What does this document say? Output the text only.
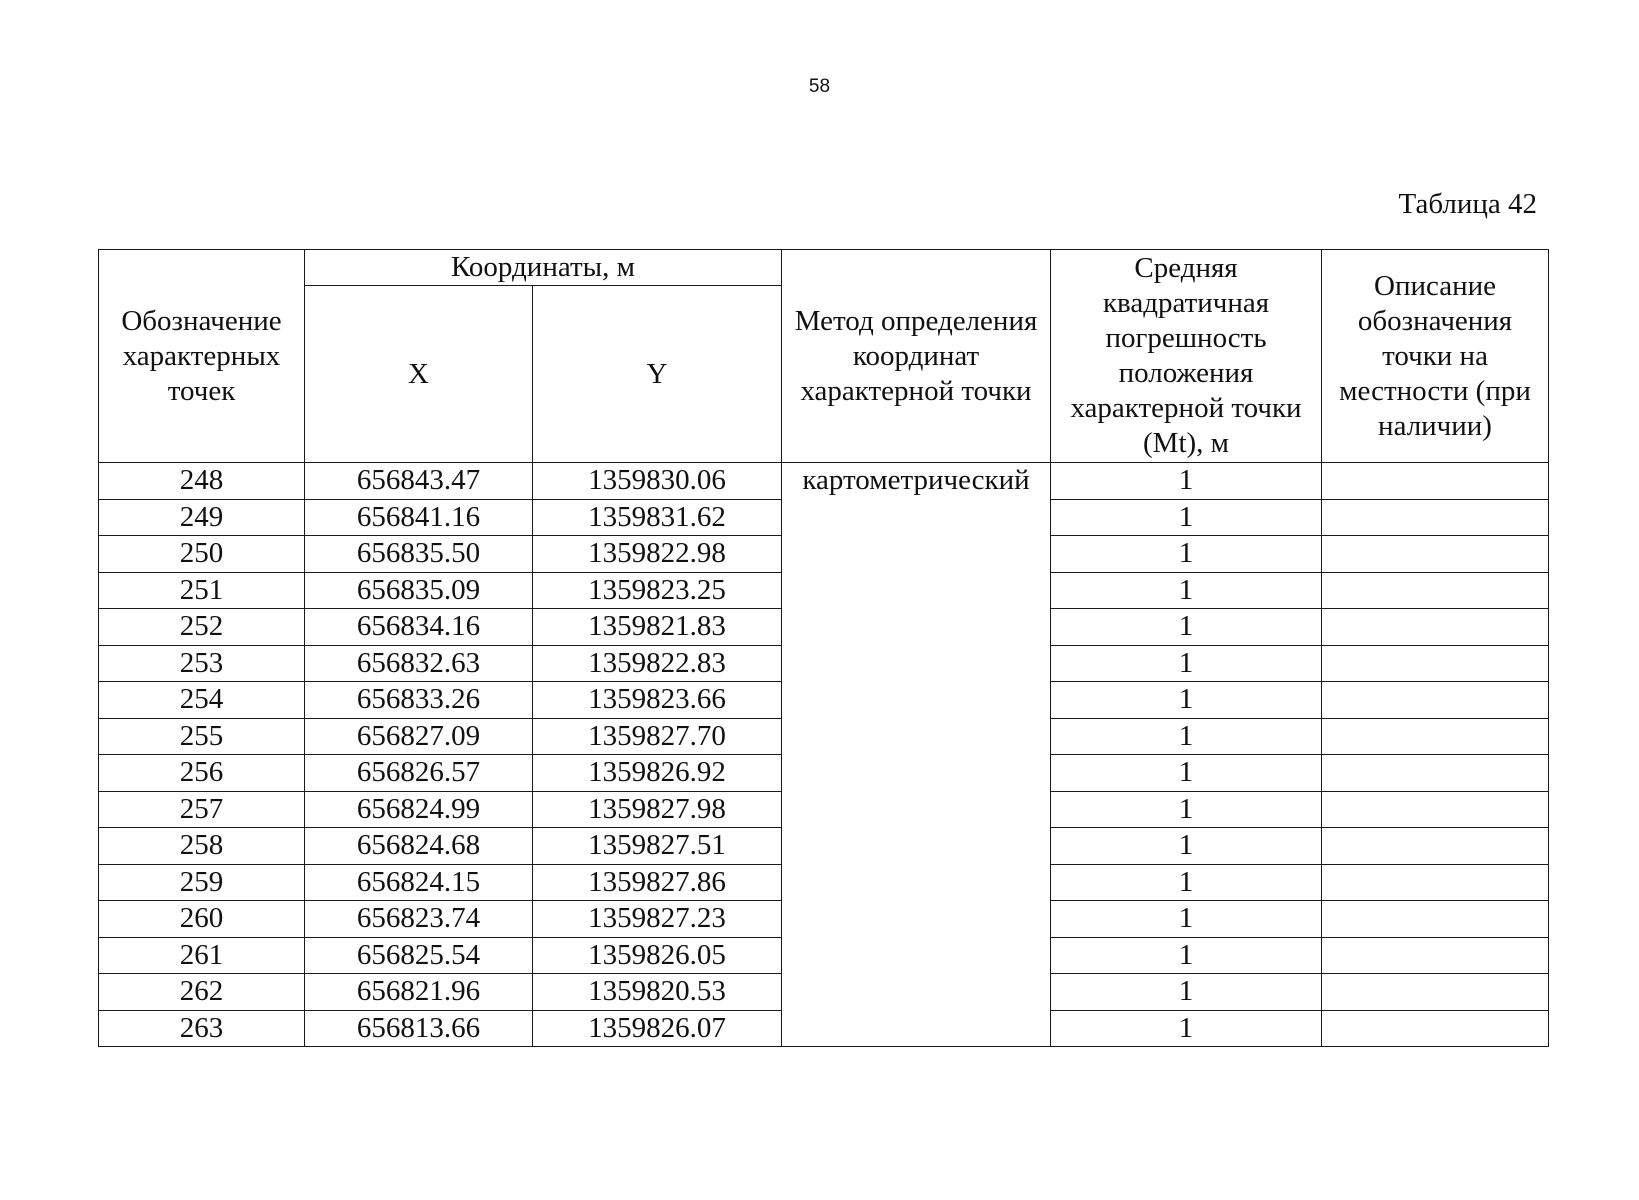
58
Таблица 42
Обозначение характерных точек	Координаты, м		Метод определения координат характерной точки	Средняя квадратичная погрешность положения характерной точки (Mt), м	Описание обозначения точки на местности (при наличии)
	X	Y			
248	656843.47	1359830.06	картометрический	1	
249	656841.16	1359831.62		1	
250	656835.50	1359822.98		1	
251	656835.09	1359823.25		1	
252	656834.16	1359821.83		1	
253	656832.63	1359822.83		1	
254	656833.26	1359823.66		1	
255	656827.09	1359827.70		1	
256	656826.57	1359826.92		1	
257	656824.99	1359827.98		1	
258	656824.68	1359827.51		1	
259	656824.15	1359827.86		1	
260	656823.74	1359827.23		1	
261	656825.54	1359826.05		1	
262	656821.96	1359820.53		1	
263	656813.66	1359826.07		1	
